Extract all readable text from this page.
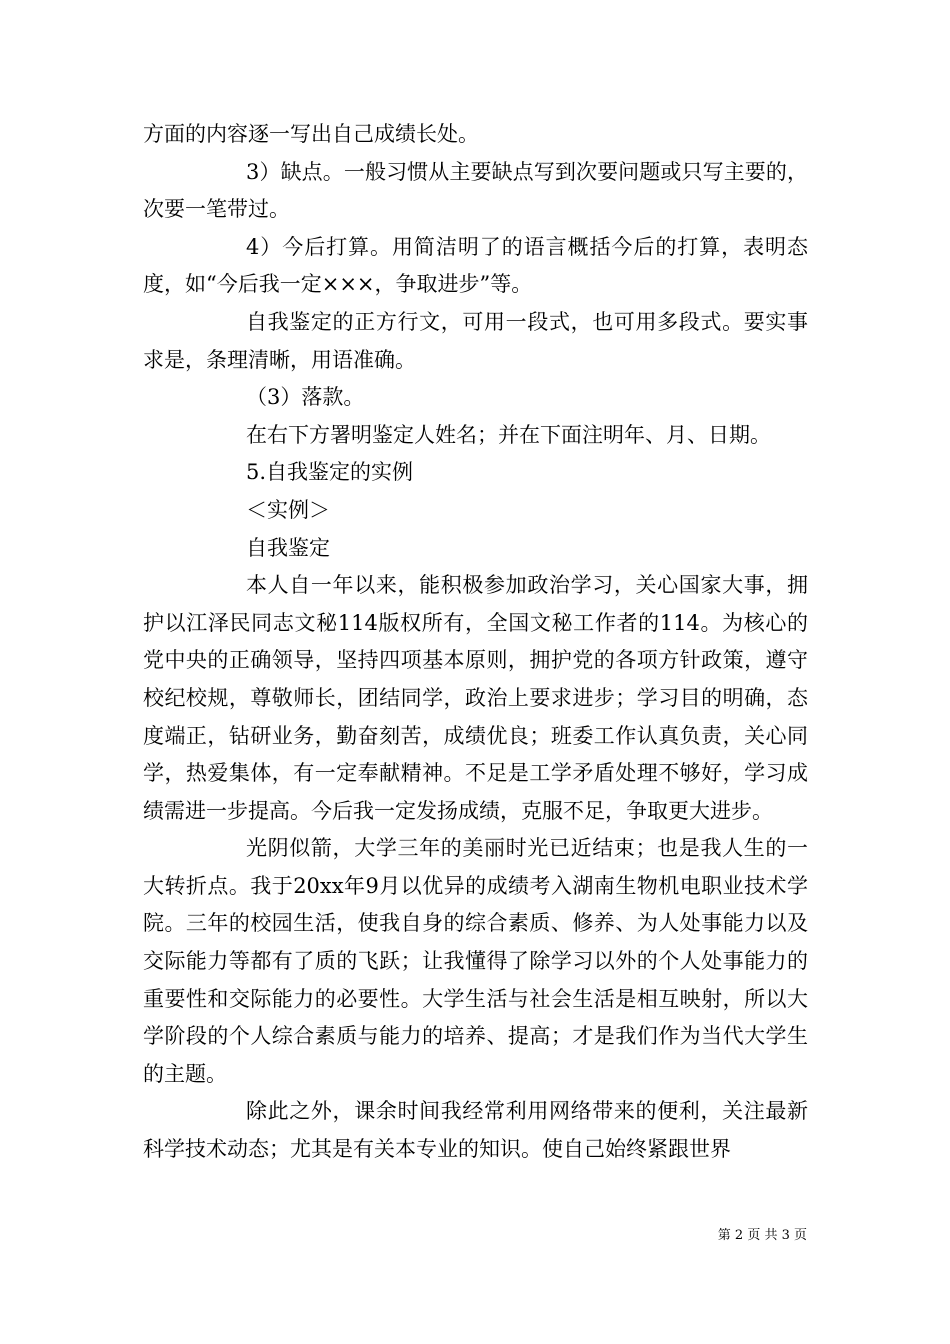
方面的内容逐一写出自己成绩长处。

3）缺点。一般习惯从主要缺点写到次要问题或只写主要的，次要一笔带过。

4）今后打算。用简洁明了的语言概括今后的打算，表明态度，如“今后我一定×××，争取进步”等。

自我鉴定的正方行文，可用一段式，也可用多段式。要实事求是，条理清晰，用语准确。

（3）落款。

在右下方署明鉴定人姓名；并在下面注明年、月、日期。

5.自我鉴定的实例

＜实例＞

自我鉴定

本人自一年以来，能积极参加政治学习，关心国家大事，拥护以江泽民同志文秘114版权所有，全国文秘工作者的114。为核心的党中央的正确领导，坚持四项基本原则，拥护党的各项方针政策，遵守校纪校规，尊敬师长，团结同学，政治上要求进步；学习目的明确，态度端正，钻研业务，勤奋刻苦，成绩优良；班委工作认真负责，关心同学，热爱集体，有一定奉献精神。不足是工学矛盾处理不够好，学习成绩需进一步提高。今后我一定发扬成绩，克服不足，争取更大进步。

光阴似箭，大学三年的美丽时光已近结束；也是我人生的一大转折点。我于20xx年9月以优异的成绩考入湖南生物机电职业技术学院。三年的校园生活，使我自身的综合素质、修养、为人处事能力以及交际能力等都有了质的飞跃；让我懂得了除学习以外的个人处事能力的重要性和交际能力的必要性。大学生活与社会生活是相互映射，所以大学阶段的个人综合素质与能力的培养、提高；才是我们作为当代大学生的主题。

除此之外，课余时间我经常利用网络带来的便利，关注最新科学技术动态；尤其是有关本专业的知识。使自己始终紧跟世界

第 2 页 共 3 页
